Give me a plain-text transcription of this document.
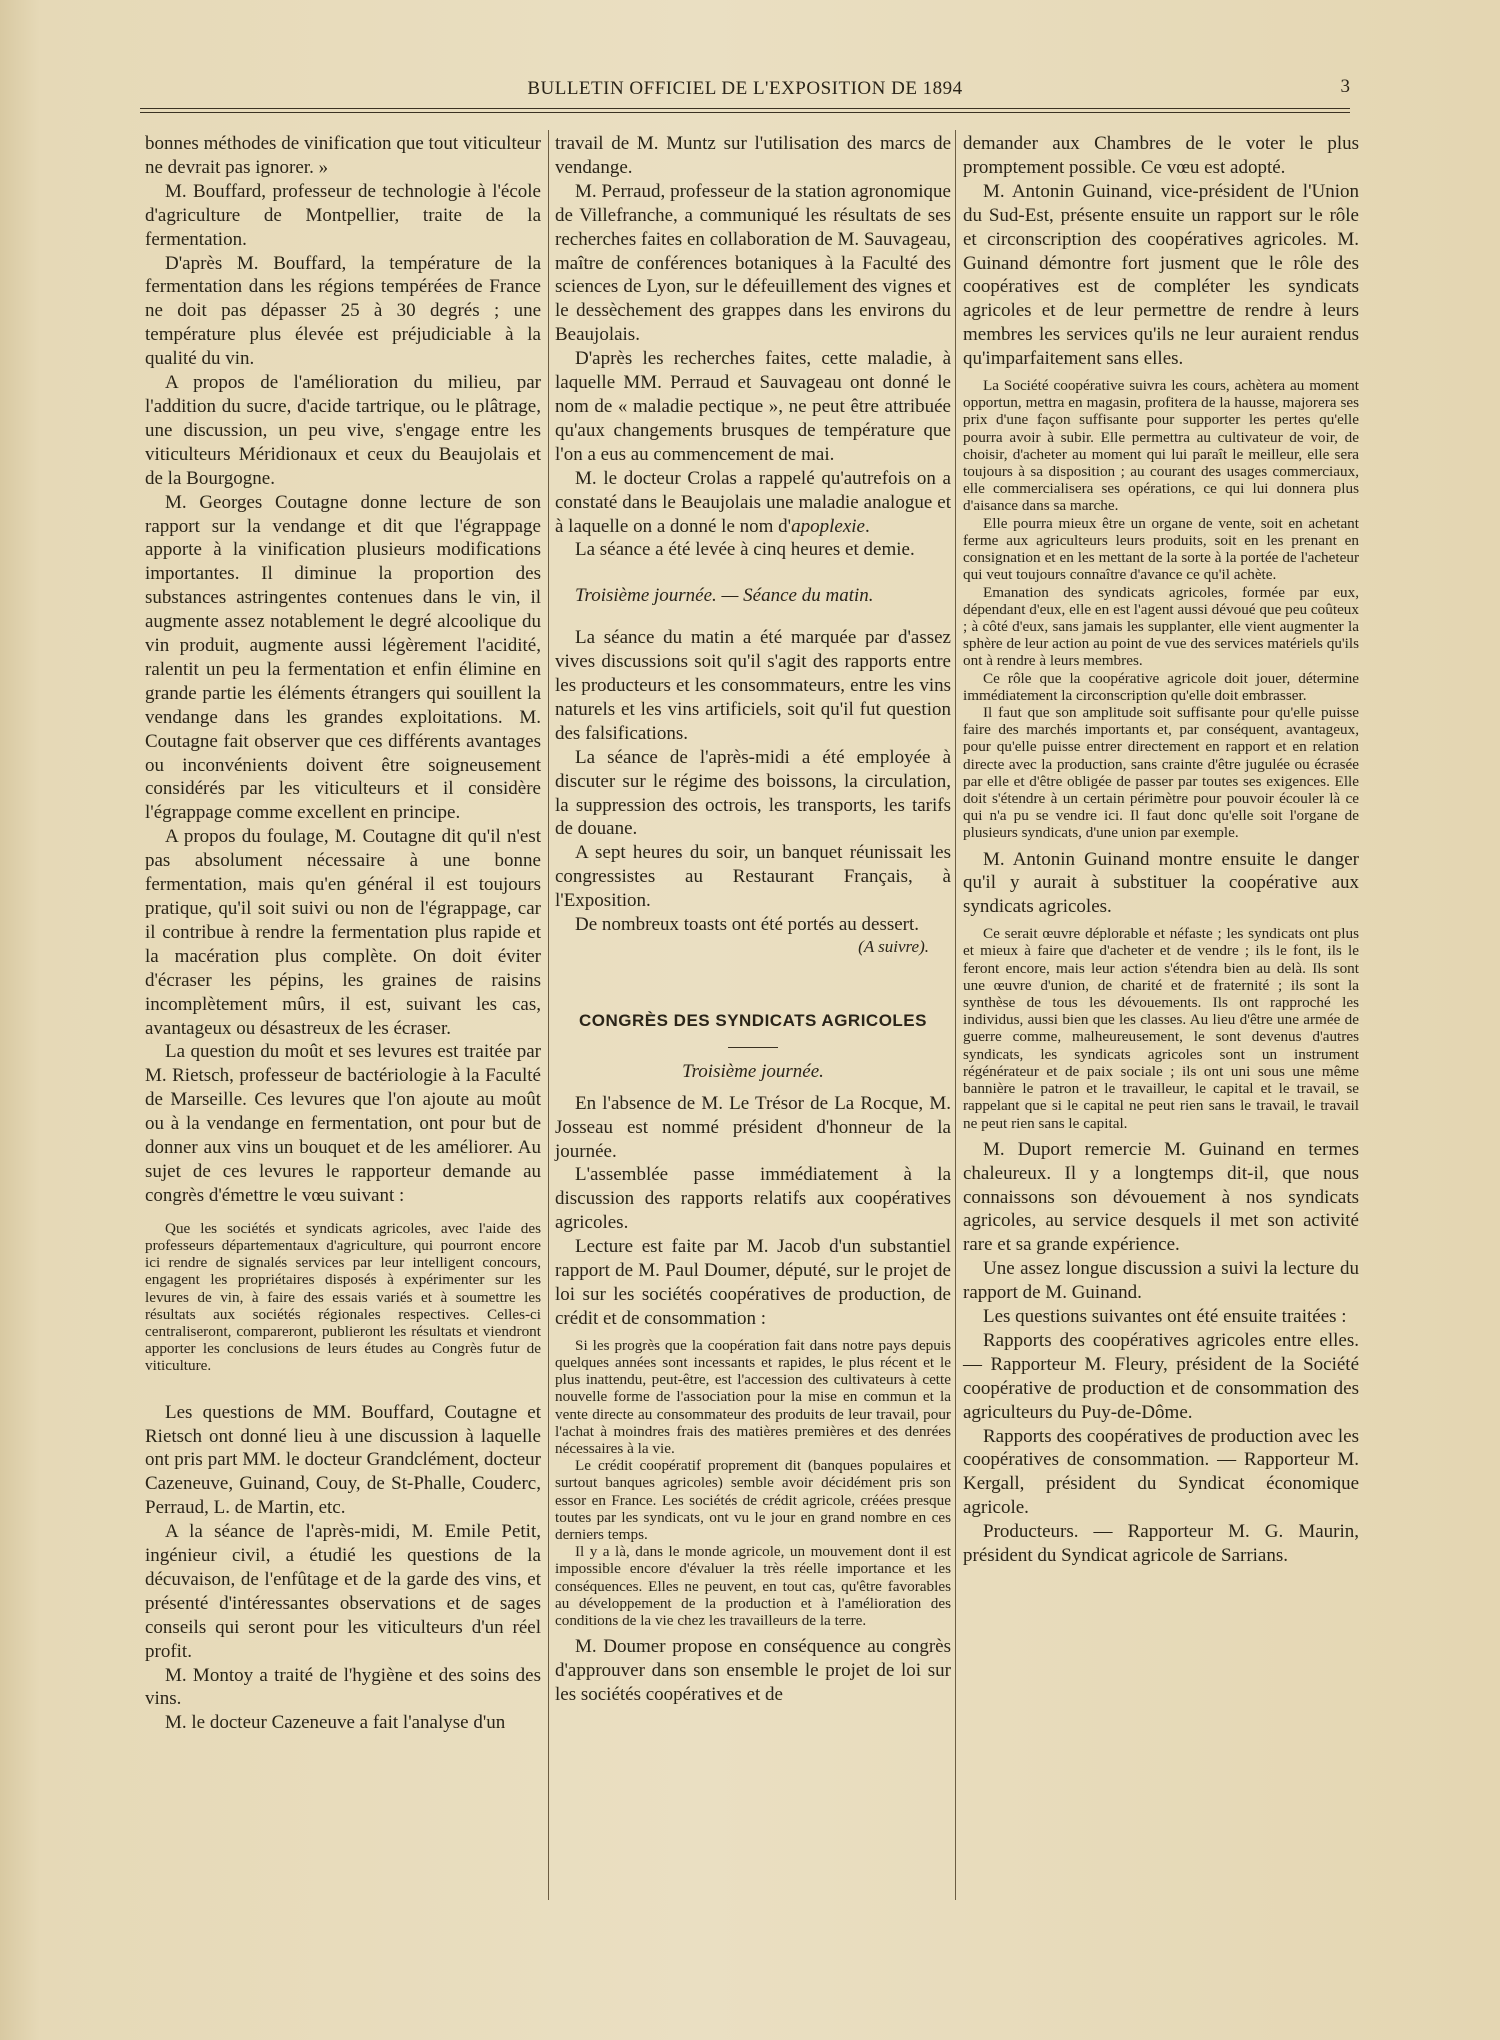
BULLETIN OFFICIEL DE L'EXPOSITION DE 1894	3

bonnes méthodes de vinification que tout viticulteur ne devrait pas ignorer. »

M. Bouffard, professeur de technologie à l'école d'agriculture de Montpellier, traite de la fermentation.

D'après M. Bouffard, la température de la fermentation dans les régions tempérées de France ne doit pas dépasser 25 à 30 degrés ; une température plus élevée est préjudiciable à la qualité du vin.

A propos de l'amélioration du milieu, par l'addition du sucre, d'acide tartrique, ou le plâtrage, une discussion, un peu vive, s'engage entre les viticulteurs Méridionaux et ceux du Beaujolais et de la Bourgogne.

M. Georges Coutagne donne lecture de son rapport sur la vendange et dit que l'égrappage apporte à la vinification plusieurs modifications importantes. Il diminue la proportion des substances astringentes contenues dans le vin, il augmente assez notablement le degré alcoolique du vin produit, augmente aussi légèrement l'acidité, ralentit un peu la fermentation et enfin élimine en grande partie les éléments étrangers qui souillent la vendange dans les grandes exploitations. M. Coutagne fait observer que ces différents avantages ou inconvénients doivent être soigneusement considérés par les viticulteurs et il considère l'égrappage comme excellent en principe.

A propos du foulage, M. Coutagne dit qu'il n'est pas absolument nécessaire à une bonne fermentation, mais qu'en général il est toujours pratique, qu'il soit suivi ou non de l'égrappage, car il contribue à rendre la fermentation plus rapide et la macération plus complète. On doit éviter d'écraser les pépins, les graines de raisins incomplètement mûrs, il est, suivant les cas, avantageux ou désastreux de les écraser.

La question du moût et ses levures est traitée par M. Rietsch, professeur de bactériologie à la Faculté de Marseille. Ces levures que l'on ajoute au moût ou à la vendange en fermentation, ont pour but de donner aux vins un bouquet et de les améliorer. Au sujet de ces levures le rapporteur demande au congrès d'émettre le vœu suivant :

Que les sociétés et syndicats agricoles, avec l'aide des professeurs départementaux d'agriculture, qui pourront encore ici rendre de signalés services par leur intelligent concours, engagent les propriétaires disposés à expérimenter sur les levures de vin, à faire des essais variés et à soumettre les résultats aux sociétés régionales respectives. Celles-ci centraliseront, compareront, publieront les résultats et viendront apporter les conclusions de leurs études au Congrès futur de viticulture.

Les questions de MM. Bouffard, Coutagne et Rietsch ont donné lieu à une discussion à laquelle ont pris part MM. le docteur Grandclément, docteur Cazeneuve, Guinand, Couy, de St-Phalle, Couderc, Perraud, L. de Martin, etc.

A la séance de l'après-midi, M. Emile Petit, ingénieur civil, a étudié les questions de la décuvaison, de l'enfûtage et de la garde des vins, et présenté d'intéressantes observations et de sages conseils qui seront pour les viticulteurs d'un réel profit.

M. Montoy a traité de l'hygiène et des soins des vins.

M. le docteur Cazeneuve a fait l'analyse d'un

travail de M. Muntz sur l'utilisation des marcs de vendange.

M. Perraud, professeur de la station agronomique de Villefranche, a communiqué les résultats de ses recherches faites en collaboration de M. Sauvageau, maître de conférences botaniques à la Faculté des sciences de Lyon, sur le défeuillement des vignes et le dessèchement des grappes dans les environs du Beaujolais.

D'après les recherches faites, cette maladie, à laquelle MM. Perraud et Sauvageau ont donné le nom de « maladie pectique », ne peut être attribuée qu'aux changements brusques de température que l'on a eus au commencement de mai.

M. le docteur Crolas a rappelé qu'autrefois on a constaté dans le Beaujolais une maladie analogue et à laquelle on a donné le nom d'apoplexie.

La séance a été levée à cinq heures et demie.

Troisième journée. — Séance du matin.

La séance du matin a été marquée par d'assez vives discussions soit qu'il s'agit des rapports entre les producteurs et les consommateurs, entre les vins naturels et les vins artificiels, soit qu'il fut question des falsifications.

La séance de l'après-midi a été employée à discuter sur le régime des boissons, la circulation, la suppression des octrois, les transports, les tarifs de douane.

A sept heures du soir, un banquet réunissait les congressistes au Restaurant Français, à l'Exposition.

De nombreux toasts ont été portés au dessert.

(A suivre).

CONGRÈS DES SYNDICATS AGRICOLES

Troisième journée.

En l'absence de M. Le Trésor de La Rocque, M. Josseau est nommé président d'honneur de la journée.

L'assemblée passe immédiatement à la discussion des rapports relatifs aux coopératives agricoles.

Lecture est faite par M. Jacob d'un substantiel rapport de M. Paul Doumer, député, sur le projet de loi sur les sociétés coopératives de production, de crédit et de consommation :

Si les progrès que la coopération fait dans notre pays depuis quelques années sont incessants et rapides, le plus récent et le plus inattendu, peut-être, est l'accession des cultivateurs à cette nouvelle forme de l'association pour la mise en commun et la vente directe au consommateur des produits de leur travail, pour l'achat à moindres frais des matières premières et des denrées nécessaires à la vie.

Le crédit coopératif proprement dit (banques populaires et surtout banques agricoles) semble avoir décidément pris son essor en France. Les sociétés de crédit agricole, créées presque toutes par les syndicats, ont vu le jour en grand nombre en ces derniers temps.

Il y a là, dans le monde agricole, un mouvement dont il est impossible encore d'évaluer la très réelle importance et les conséquences. Elles ne peuvent, en tout cas, qu'être favorables au développement de la production et à l'amélioration des conditions de la vie chez les travailleurs de la terre.

M. Doumer propose en conséquence au congrès d'approuver dans son ensemble le projet de loi sur les sociétés coopératives et de

demander aux Chambres de le voter le plus promptement possible. Ce vœu est adopté.

M. Antonin Guinand, vice-président de l'Union du Sud-Est, présente ensuite un rapport sur le rôle et circonscription des coopératives agricoles. M. Guinand démontre fort jusment que le rôle des coopératives est de compléter les syndicats agricoles et de leur permettre de rendre à leurs membres les services qu'ils ne leur auraient rendus qu'imparfaitement sans elles.

La Société coopérative suivra les cours, achètera au moment opportun, mettra en magasin, profitera de la hausse, majorera ses prix d'une façon suffisante pour supporter les pertes qu'elle pourra avoir à subir. Elle permettra au cultivateur de voir, de choisir, d'acheter au moment qui lui paraît le meilleur, elle sera toujours à sa disposition ; au courant des usages commerciaux, elle commercialisera ses opérations, ce qui lui donnera plus d'aisance dans sa marche.

Elle pourra mieux être un organe de vente, soit en achetant ferme aux agriculteurs leurs produits, soit en les prenant en consignation et en les mettant de la sorte à la portée de l'acheteur qui veut toujours connaître d'avance ce qu'il achète.

Emanation des syndicats agricoles, formée par eux, dépendant d'eux, elle en est l'agent aussi dévoué que peu coûteux ; à côté d'eux, sans jamais les supplanter, elle vient augmenter la sphère de leur action au point de vue des services matériels qu'ils ont à rendre à leurs membres.

Ce rôle que la coopérative agricole doit jouer, détermine immédiatement la circonscription qu'elle doit embrasser.

Il faut que son amplitude soit suffisante pour qu'elle puisse faire des marchés importants et, par conséquent, avantageux, pour qu'elle puisse entrer directement en rapport et en relation directe avec la production, sans crainte d'être jugulée ou écrasée par elle et d'être obligée de passer par toutes ses exigences. Elle doit s'étendre à un certain périmètre pour pouvoir écouler là ce qui n'a pu se vendre ici. Il faut donc qu'elle soit l'organe de plusieurs syndicats, d'une union par exemple.

M. Antonin Guinand montre ensuite le danger qu'il y aurait à substituer la coopérative aux syndicats agricoles.

Ce serait œuvre déplorable et néfaste ; les syndicats ont plus et mieux à faire que d'acheter et de vendre ; ils le font, ils le feront encore, mais leur action s'étendra bien au delà. Ils sont une œuvre d'union, de charité et de fraternité ; ils sont la synthèse de tous les dévouements. Ils ont rapproché les individus, aussi bien que les classes. Au lieu d'être une armée de guerre comme, malheureusement, le sont devenus d'autres syndicats, les syndicats agricoles sont un instrument régénérateur et de paix sociale ; ils ont uni sous une même bannière le patron et le travailleur, le capital et le travail, se rappelant que si le capital ne peut rien sans le travail, le travail ne peut rien sans le capital.

M. Duport remercie M. Guinand en termes chaleureux. Il y a longtemps dit-il, que nous connaissons son dévouement à nos syndicats agricoles, au service desquels il met son activité rare et sa grande expérience.

Une assez longue discussion a suivi la lecture du rapport de M. Guinand.

Les questions suivantes ont été ensuite traitées :

Rapports des coopératives agricoles entre elles. — Rapporteur M. Fleury, président de la Société coopérative de production et de consommation des agriculteurs du Puy-de-Dôme.

Rapports des coopératives de production avec les coopératives de consommation. — Rapporteur M. Kergall, président du Syndicat économique agricole.

Producteurs. — Rapporteur M. G. Maurin, président du Syndicat agricole de Sarrians.
